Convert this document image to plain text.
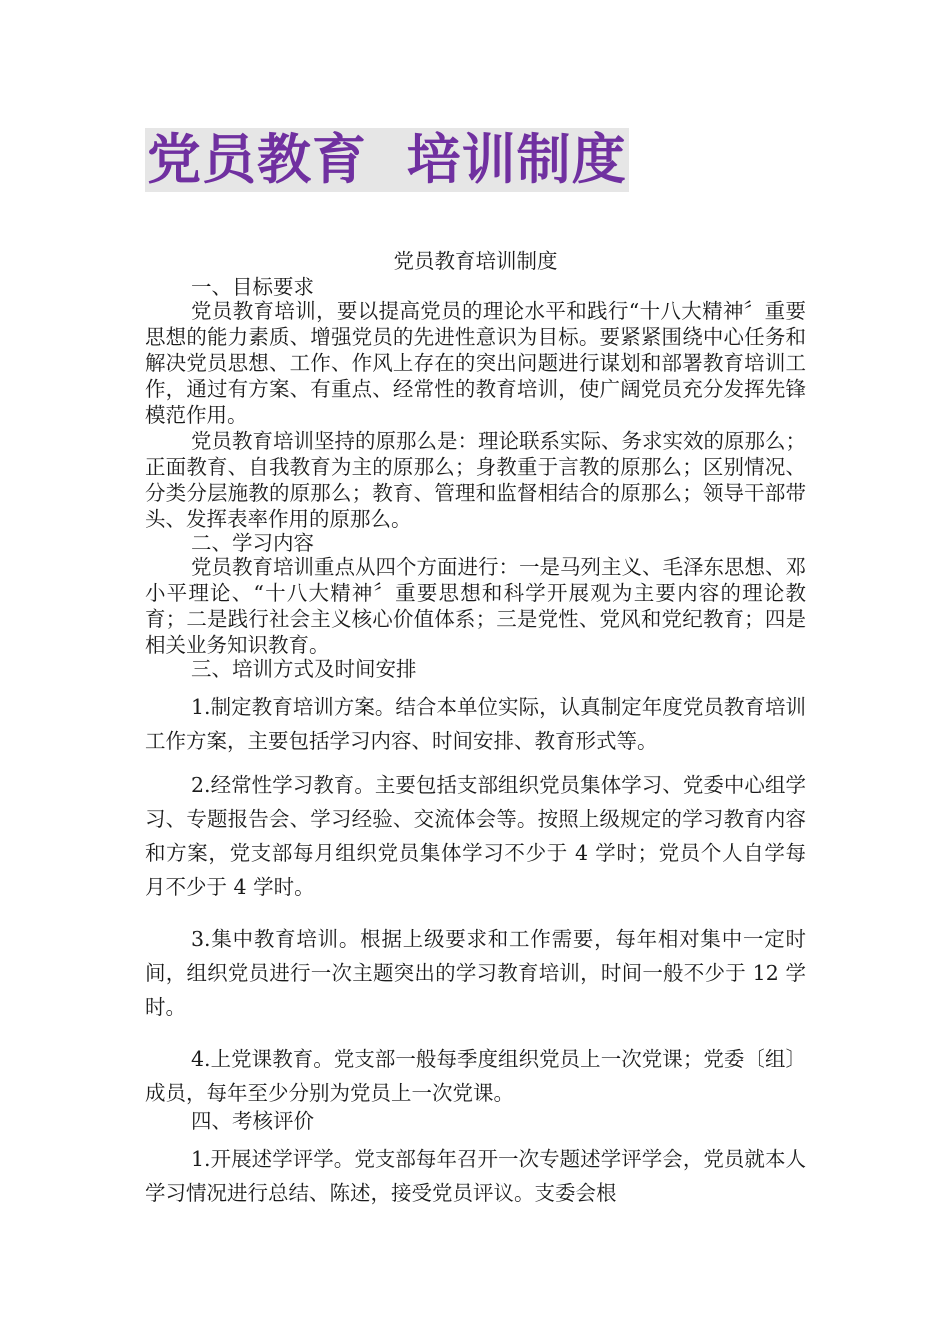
党员教育  培训制度

党员教育培训制度

一、目标要求

党员教育培训，要以提高党员的理论水平和践行“十八大精神〞重要思想的能力素质、增强党员的先进性意识为目标。要紧紧围绕中心任务和解决党员思想、工作、作风上存在的突出问题进行谋划和部署教育培训工作，通过有方案、有重点、经常性的教育培训，使广阔党员充分发挥先锋模范作用。

党员教育培训坚持的原那么是：理论联系实际、务求实效的原那么；正面教育、自我教育为主的原那么；身教重于言教的原那么；区别情况、分类分层施教的原那么；教育、管理和监督相结合的原那么；领导干部带头、发挥表率作用的原那么。

二、学习内容

党员教育培训重点从四个方面进行：一是马列主义、毛泽东思想、邓小平理论、“十八大精神〞重要思想和科学开展观为主要内容的理论教育；二是践行社会主义核心价值体系；三是党性、党风和党纪教育；四是相关业务知识教育。

三、培训方式及时间安排

1.制定教育培训方案。结合本单位实际，认真制定年度党员教育培训工作方案，主要包括学习内容、时间安排、教育形式等。

2.经常性学习教育。主要包括支部组织党员集体学习、党委中心组学习、专题报告会、学习经验、交流体会等。按照上级规定的学习教育内容和方案，党支部每月组织党员集体学习不少于 4 学时；党员个人自学每月不少于 4 学时。

3.集中教育培训。根据上级要求和工作需要，每年相对集中一定时间，组织党员进行一次主题突出的学习教育培训，时间一般不少于 12 学时。

4.上党课教育。党支部一般每季度组织党员上一次党课；党委〔组〕成员，每年至少分别为党员上一次党课。

四、考核评价

1.开展述学评学。党支部每年召开一次专题述学评学会，党员就本人学习情况进行总结、陈述，接受党员评议。支委会根
